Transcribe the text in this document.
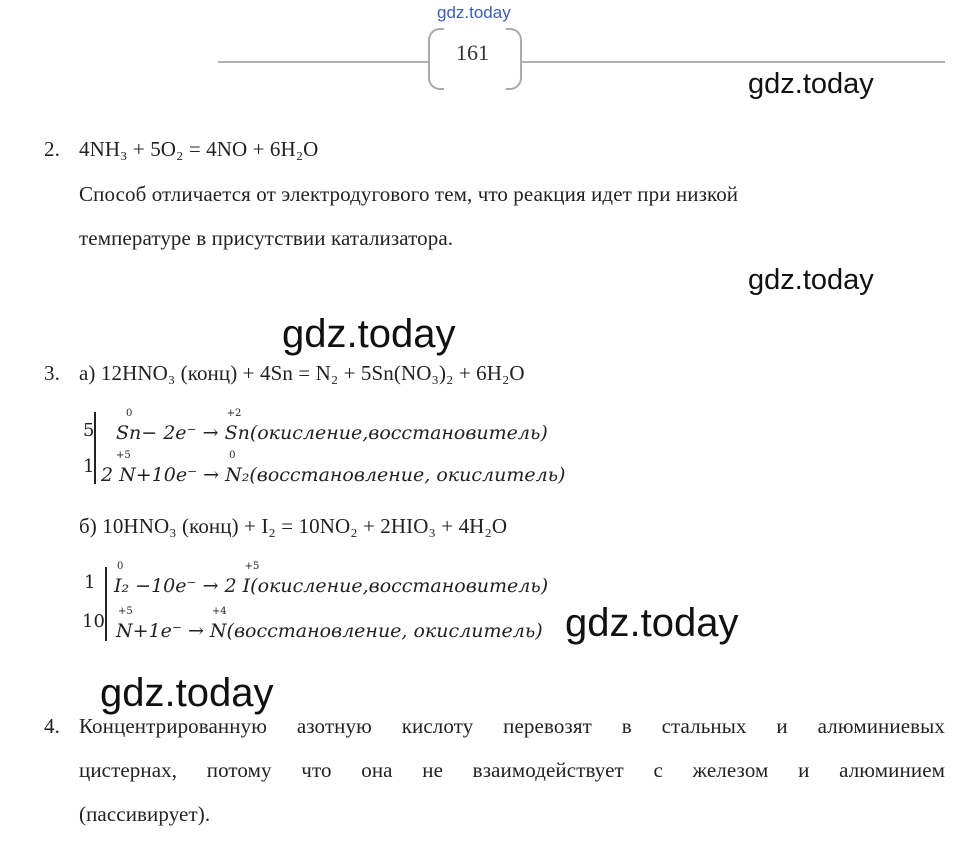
gdz.today
161
gdz.today
gdz.today
gdz.today
gdz.today
gdz.today
2. 4NH₃ + 5O₂ = 4NO + 6H₂O
Способ отличается от электродугового тем, что реакция идет при низкой
температуре в присутствии катализатора.
3. а) 12HNO₃ (конц) + 4Sn = N₂ + 5Sn(NO₃)₂ + 6H₂O
5
0
Sn− 2e⁻ →
+2
Sn(окисление,восстановитель)
1
+5
2 N+10e⁻ →
0
N₂(восстановление, окислитель)
б) 10HNO₃ (конц) + I₂ = 10NO₂ + 2HIO₃ + 4H₂O
1
0
I₂ −10e⁻ → 2
+5
I(окисление,восстановитель)
10 +5
N+1e⁻ →
+4
N(восстановление, окислитель)
4. Концентрированную азотную кислоту перевозят в стальных и алюминиевых
цистернах, потому что она не взаимодействует с железом и алюминием
(пассивирует).
